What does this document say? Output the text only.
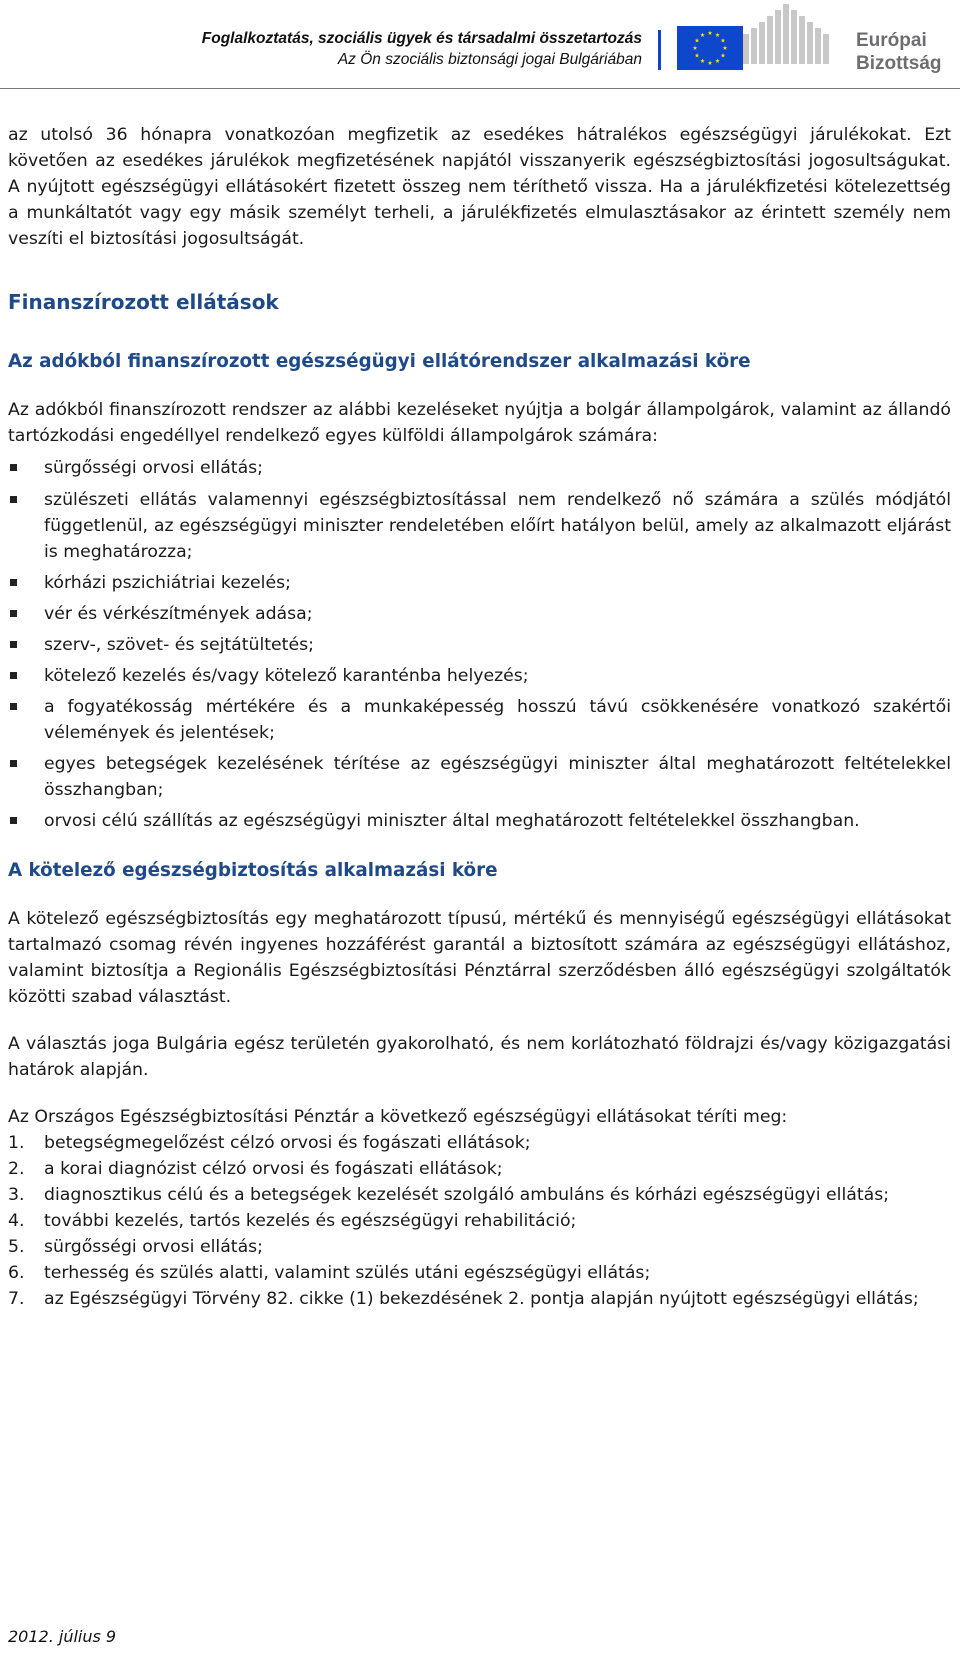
Foglalkoztatás, szociális ügyek és társadalmi összetartozás
Az Ön szociális biztonsági jogai Bulgáriában
Európai
Bizottság

az utolsó 36 hónapra vonatkozóan megfizetik az esedékes hátralékos egészségügyi járulékokat. Ezt követően az esedékes járulékok megfizetésének napjától visszanyerik egészségbiztosítási jogosultságukat. A nyújtott egészségügyi ellátásokért fizetett összeg nem téríthető vissza. Ha a járulékfizetési kötelezettség a munkáltatót vagy egy másik személyt terheli, a járulékfizetés elmulasztásakor az érintett személy nem veszíti el biztosítási jogosultságát.

Finanszírozott ellátások
Az adókból finanszírozott egészségügyi ellátórendszer alkalmazási köre

Az adókból finanszírozott rendszer az alábbi kezeléseket nyújtja a bolgár állampolgárok, valamint az állandó tartózkodási engedéllyel rendelkező egyes külföldi állampolgárok számára:

sürgősségi orvosi ellátás;
szülészeti ellátás valamennyi egészségbiztosítással nem rendelkező nő számára a szülés módjától függetlenül, az egészségügyi miniszter rendeletében előírt hatályon belül, amely az alkalmazott eljárást is meghatározza;
kórházi pszichiátriai kezelés;
vér és vérkészítmények adása;
szerv-, szövet- és sejtátültetés;
kötelező kezelés és/vagy kötelező karanténba helyezés;
a fogyatékosság mértékére és a munkaképesség hosszú távú csökkenésére vonatkozó szakértői vélemények és jelentések;
egyes betegségek kezelésének térítése az egészségügyi miniszter által meghatározott feltételekkel összhangban;
orvosi célú szállítás az egészségügyi miniszter által meghatározott feltételekkel összhangban.
A kötelező egészségbiztosítás alkalmazási köre

A kötelező egészségbiztosítás egy meghatározott típusú, mértékű és mennyiségű egészségügyi ellátásokat tartalmazó csomag révén ingyenes hozzáférést garantál a biztosított számára az egészségügyi ellátáshoz, valamint biztosítja a Regionális Egészségbiztosítási Pénztárral szerződésben álló egészségügyi szolgáltatók közötti szabad választást.

A választás joga Bulgária egész területén gyakorolható, és nem korlátozható földrajzi és/vagy közigazgatási határok alapján.

Az Országos Egészségbiztosítási Pénztár a következő egészségügyi ellátásokat téríti meg:

1. betegségmegelőzést célzó orvosi és fogászati ellátások;
2. a korai diagnózist célzó orvosi és fogászati ellátások;
3. diagnosztikus célú és a betegségek kezelését szolgáló ambuláns és kórházi egészségügyi ellátás;
4. további kezelés, tartós kezelés és egészségügyi rehabilitáció;
5. sürgősségi orvosi ellátás;
6. terhesség és szülés alatti, valamint szülés utáni egészségügyi ellátás;
7. az Egészségügyi Törvény 82. cikke (1) bekezdésének 2. pontja alapján nyújtott egészségügyi ellátás;
2012. július 9
